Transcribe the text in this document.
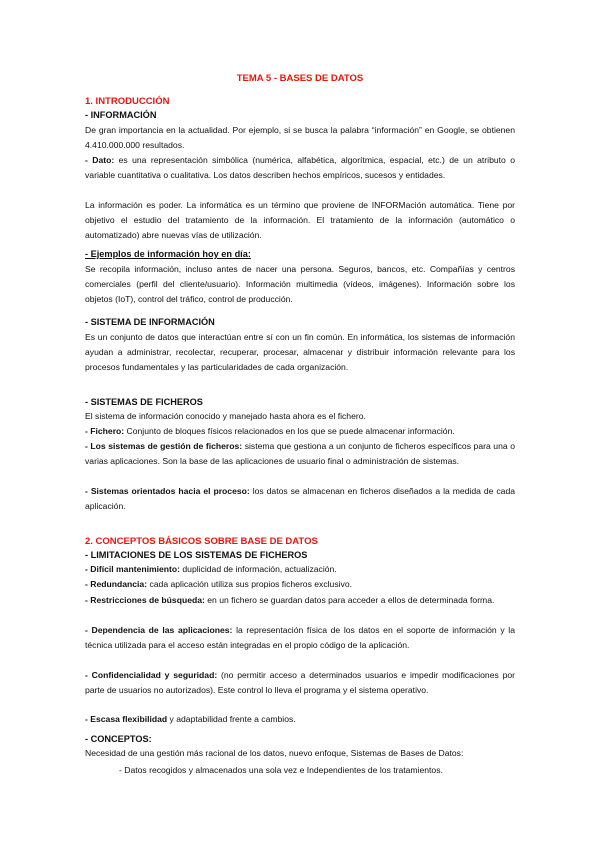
TEMA 5 - BASES DE DATOS
1. INTRODUCCIÓN
- INFORMACIÓN
De gran importancia en la actualidad. Por ejemplo, si se busca la palabra “información” en Google, se obtienen 4.410.000.000 resultados.
- Dato: es una representación simbólica (numérica, alfabética, algorítmica, espacial, etc.) de un atributo o variable cuantitativa o cualitativa. Los datos describen hechos empíricos, sucesos y entidades.
La información es poder. La informática es un término que proviene de INFORMación automática. Tiene por objetivo el estudio del tratamiento de la información. El tratamiento de la información (automático o automatizado) abre nuevas vías de utilización.
- Ejemplos de información hoy en día:
Se recopila información, incluso antes de nacer una persona. Seguros, bancos, etc. Compañías y centros comerciales (perfil del cliente/usuario). Información multimedia (vídeos, imágenes). Información sobre los objetos (IoT), control del tráfico, control de producción.
- SISTEMA DE INFORMACIÓN
Es un conjunto de datos que interactúan entre sí con un fin común. En informática, los sistemas de información ayudan a administrar, recolectar, recuperar, procesar, almacenar y distribuir información relevante para los procesos fundamentales y las particularidades de cada organización.
- SISTEMAS DE FICHEROS
El sistema de información conocido y manejado hasta ahora es el fichero.
- Fichero: Conjunto de bloques físicos relacionados en los que se puede almacenar información.
- Los sistemas de gestión de ficheros: sistema que gestiona a un conjunto de ficheros específicos para una o varias aplicaciones. Son la base de las aplicaciones de usuario final o administración de sistemas.
- Sistemas orientados hacia el proceso: los datos se almacenan en ficheros diseñados a la medida de cada aplicación.
2. CONCEPTOS BÁSICOS SOBRE BASE DE DATOS
- LIMITACIONES DE LOS SISTEMAS DE FICHEROS
- Difícil mantenimiento: duplicidad de información, actualización.
- Redundancia: cada aplicación utiliza sus propios ficheros exclusivo.
- Restricciones de búsqueda: en un fichero se guardan datos para acceder a ellos de determinada forma.
- Dependencia de las aplicaciones: la representación física de los datos en el soporte de información y la técnica utilizada para el acceso están integradas en el propio código de la aplicación.
- Confidencialidad y seguridad: (no permitir acceso a determinados usuarios e impedir modificaciones por parte de usuarios no autorizados). Este control lo lleva el programa y el sistema operativo.
- Escasa flexibilidad y adaptabilidad frente a cambios.
- CONCEPTOS:
Necesidad de una gestión más racional de los datos, nuevo enfoque, Sistemas de Bases de Datos:
- Datos recogidos y almacenados una sola vez e Independientes de los tratamientos.
